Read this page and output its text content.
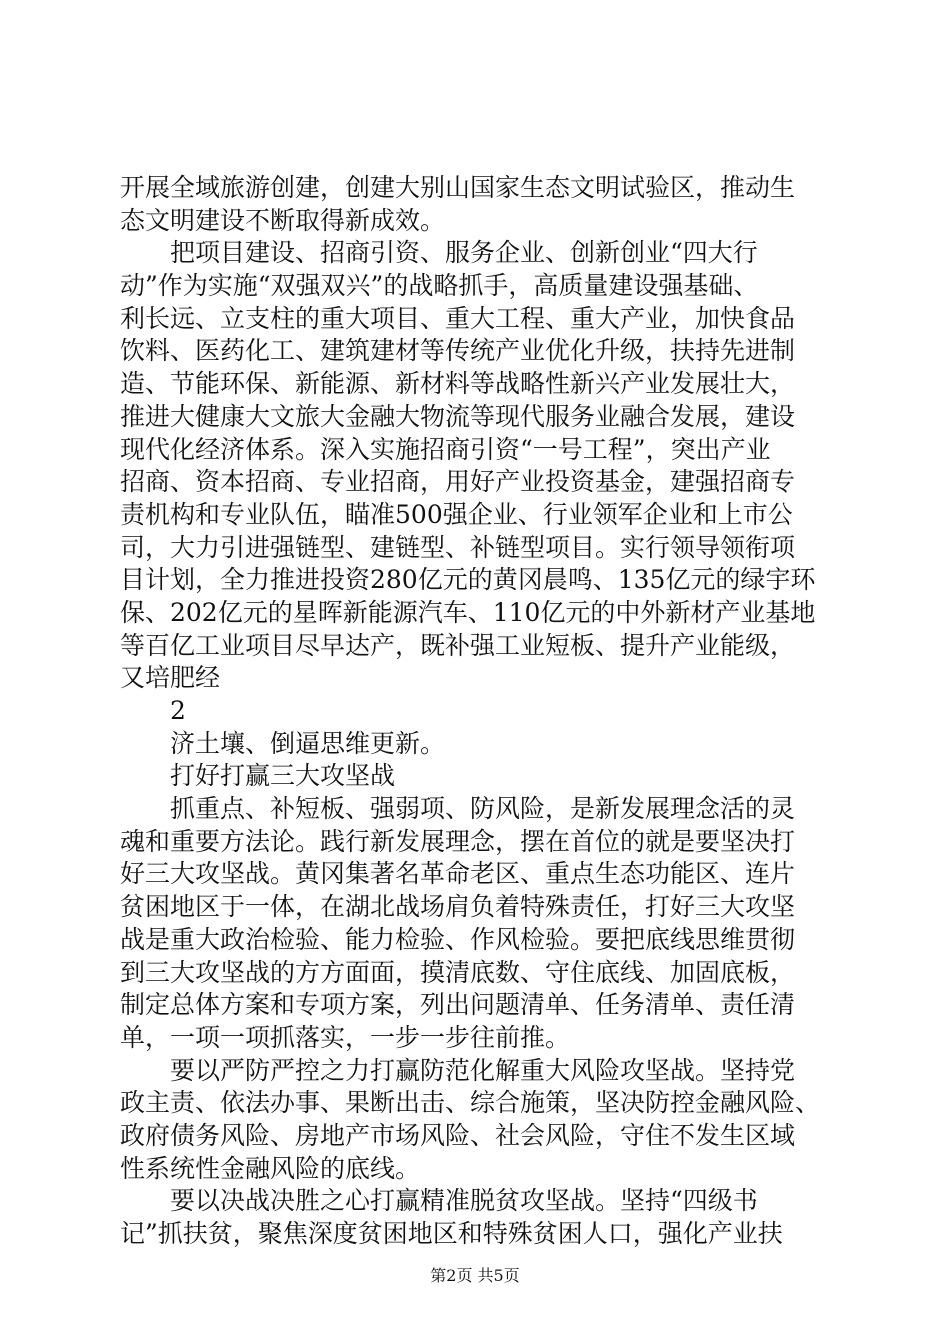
开展全域旅游创建，创建大别山国家生态文明试验区，推动生
态文明建设不断取得新成效。
把项目建设、招商引资、服务企业、创新创业“四大行
动”作为实施“双强双兴”的战略抓手，高质量建设强基础、
利长远、立支柱的重大项目、重大工程、重大产业，加快食品
饮料、医药化工、建筑建材等传统产业优化升级，扶持先进制
造、节能环保、新能源、新材料等战略性新兴产业发展壮大，
推进大健康大文旅大金融大物流等现代服务业融合发展，建设
现代化经济体系。深入实施招商引资“一号工程”，突出产业
招商、资本招商、专业招商，用好产业投资基金，建强招商专
责机构和专业队伍，瞄准500强企业、行业领军企业和上市公
司，大力引进强链型、建链型、补链型项目。实行领导领衔项
目计划，全力推进投资280亿元的黄冈晨鸣、135亿元的绿宇环
保、202亿元的星晖新能源汽车、110亿元的中外新材产业基地
等百亿工业项目尽早达产，既补强工业短板、提升产业能级，
又培肥经
2
济土壤、倒逼思维更新。
打好打赢三大攻坚战
抓重点、补短板、强弱项、防风险，是新发展理念活的灵
魂和重要方法论。践行新发展理念，摆在首位的就是要坚决打
好三大攻坚战。黄冈集著名革命老区、重点生态功能区、连片
贫困地区于一体，在湖北战场肩负着特殊责任，打好三大攻坚
战是重大政治检验、能力检验、作风检验。要把底线思维贯彻
到三大攻坚战的方方面面，摸清底数、守住底线、加固底板，
制定总体方案和专项方案，列出问题清单、任务清单、责任清
单，一项一项抓落实，一步一步往前推。
要以严防严控之力打赢防范化解重大风险攻坚战。坚持党
政主责、依法办事、果断出击、综合施策，坚决防控金融风险、
政府债务风险、房地产市场风险、社会风险，守住不发生区域
性系统性金融风险的底线。
要以决战决胜之心打赢精准脱贫攻坚战。坚持“四级书
记”抓扶贫，聚焦深度贫困地区和特殊贫困人口，强化产业扶
第2页 共5页
